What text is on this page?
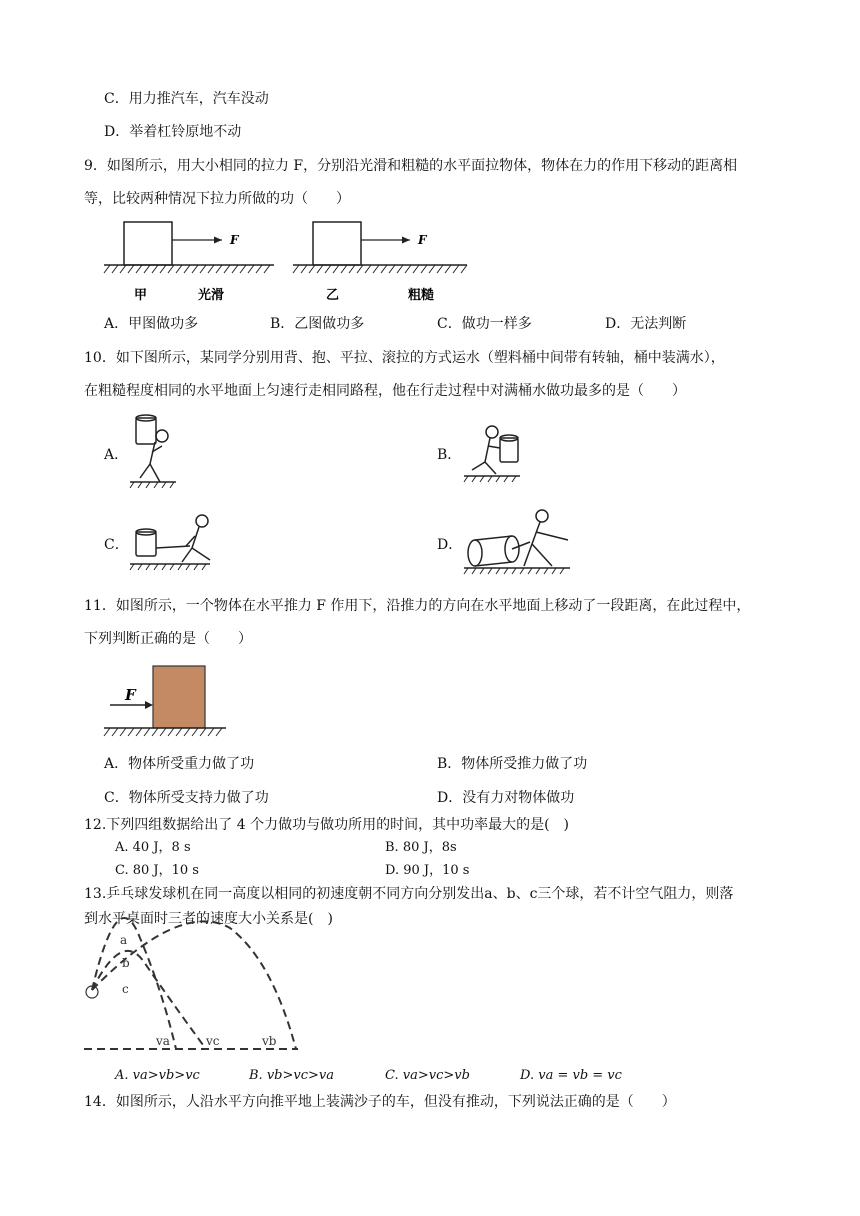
C．用力推汽车，汽车没动
D．举着杠铃原地不动
9．如图所示，用大小相同的拉力 F，分别沿光滑和粗糙的水平面拉物体，物体在力的作用下移动的距离相
等，比较两种情况下拉力所做的功（　　）
F	F
甲	光滑	乙	粗糙
A．甲图做功多	B．乙图做功多	C．做功一样多	D．无法判断
10．如下图所示，某同学分别用背、抱、平拉、滚拉的方式运水（塑料桶中间带有转轴，桶中装满水），
在粗糙程度相同的水平地面上匀速行走相同路程，他在行走过程中对满桶水做功最多的是（　　）
A．	B．
C．	D．
11．如图所示，一个物体在水平推力 F 作用下，沿推力的方向在水平地面上移动了一段距离，在此过程中，
下列判断正确的是（　　）
F
A．物体所受重力做了功	B．物体所受推力做了功
C．物体所受支持力做了功	D．没有力对物体做功
12.下列四组数据给出了 4 个力做功与做功所用的时间，其中功率最大的是(　)
A. 40 J，8 s	B. 80 J，8s
C. 80 J，10 s	D. 90 J，10 s
13.乒乓球发球机在同一高度以相同的初速度朝不同方向分别发出a、b、c三个球，若不计空气阻力，则落
到水平桌面时三者的速度大小关系是(　)
a
b
c
va	vc	vb
A. va>vb>vc	B. vb>vc>va	C. va>vc>vb	D. va = vb = vc
14．如图所示，人沿水平方向推平地上装满沙子的车，但没有推动，下列说法正确的是（　　）
